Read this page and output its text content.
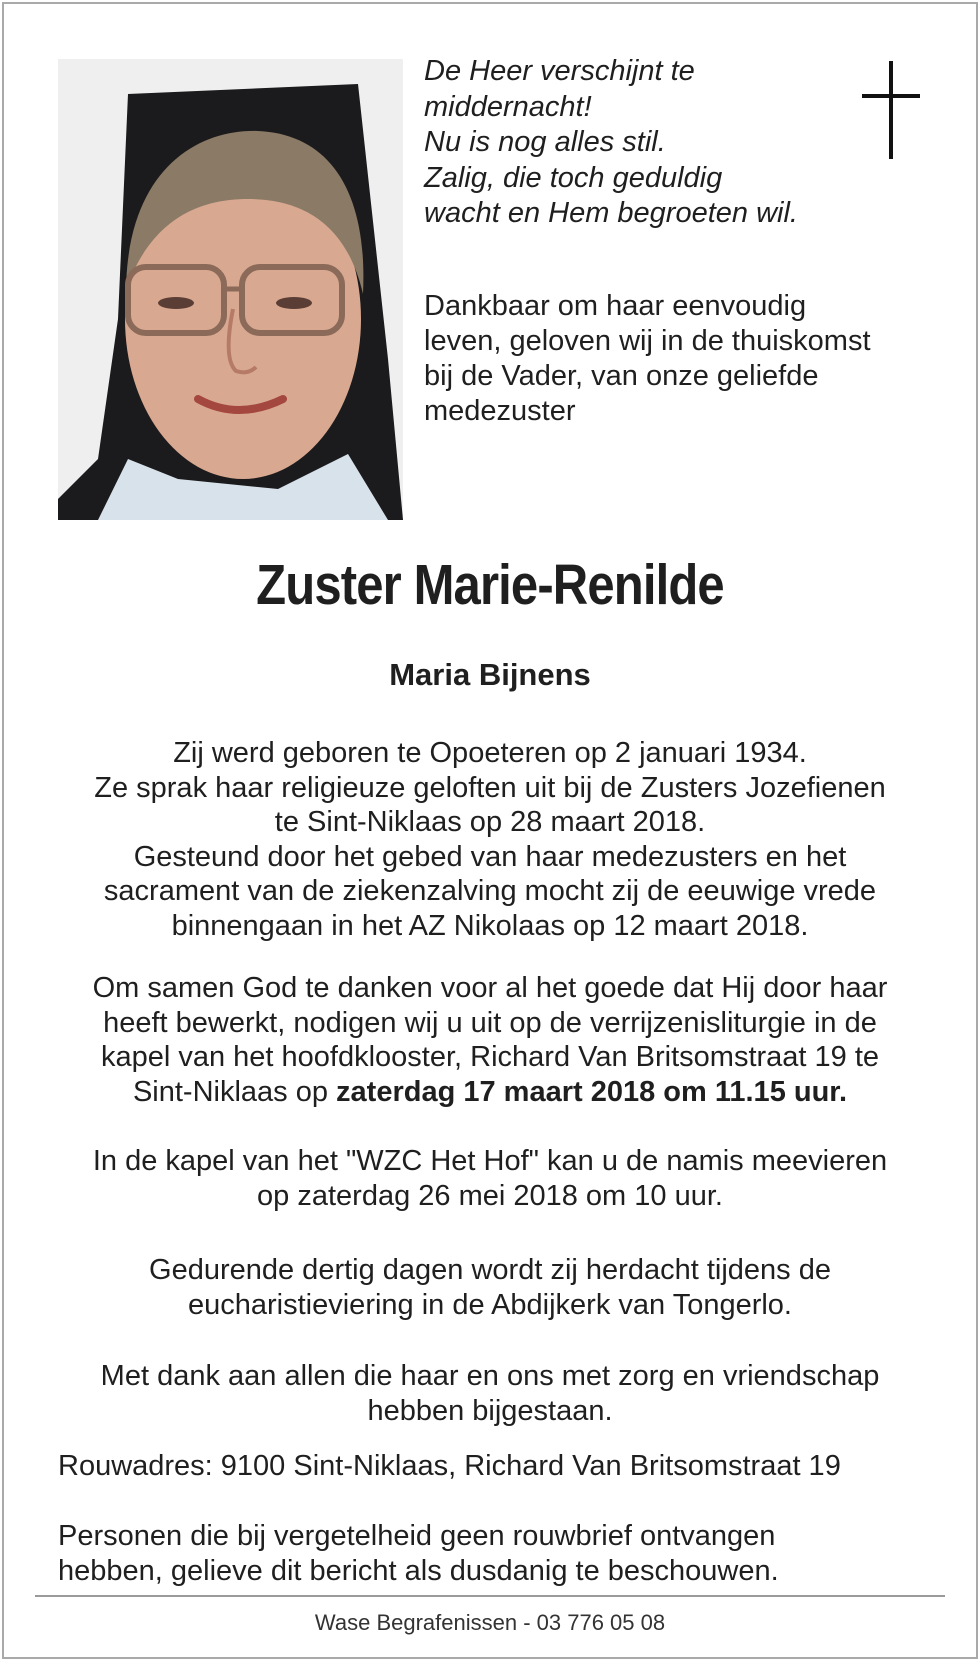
De Heer verschijnt te
middernacht!
Nu is nog alles stil.
Zalig, die toch geduldig
wacht en Hem begroeten wil.
Dankbaar om haar eenvoudig
leven, geloven wij in de thuiskomst
bij de Vader, van onze geliefde
medezuster
Zuster Marie-Renilde
Maria Bijnens
Zij werd geboren te Opoeteren op 2 januari 1934.
Ze sprak haar religieuze geloften uit bij de Zusters Jozefienen
te Sint-Niklaas op 28 maart 2018.
Gesteund door het gebed van haar medezusters en het
sacrament van de ziekenzalving mocht zij de eeuwige vrede
binnengaan in het AZ Nikolaas op 12 maart 2018.
Om samen God te danken voor al het goede dat Hij door haar
heeft bewerkt, nodigen wij u uit op de verrijzenisliturgie in de
kapel van het hoofdklooster, Richard Van Britsomstraat 19 te
Sint-Niklaas op zaterdag 17 maart 2018 om 11.15 uur.
In de kapel van het "WZC Het Hof" kan u de namis meevieren
op zaterdag 26 mei 2018 om 10 uur.
Gedurende dertig dagen wordt zij herdacht tijdens de
eucharistieviering in de Abdijkerk van Tongerlo.
Met dank aan allen die haar en ons met zorg en vriendschap
hebben bijgestaan.
Rouwadres: 9100 Sint-Niklaas, Richard Van Britsomstraat 19
Personen die bij vergetelheid geen rouwbrief ontvangen
hebben, gelieve dit bericht als dusdanig te beschouwen.
Wase Begrafenissen - 03 776 05 08
